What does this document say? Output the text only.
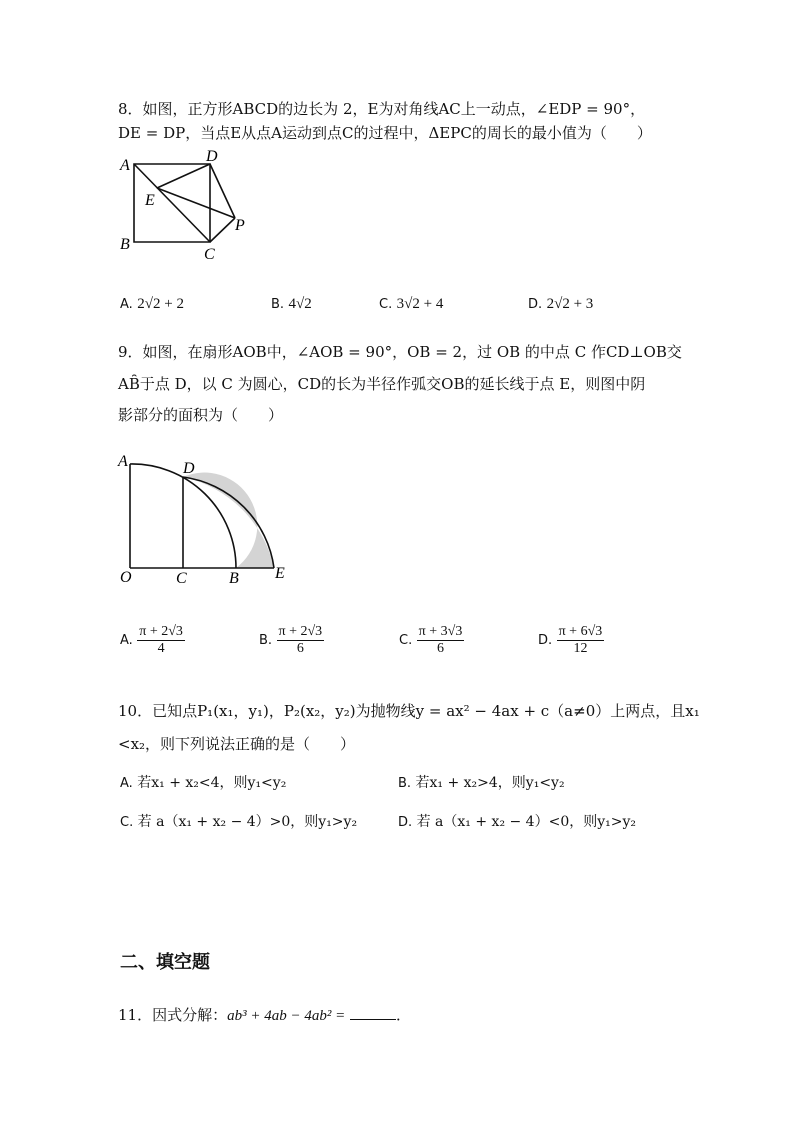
8．如图，正方形ABCD的边长为 2，E为对角线AC上一动点，∠EDP = 90°，
DE = DP，当点E从点A运动到点C的过程中，ΔEPC的周长的最小值为（　　）
A
D
E
P
B
C
A. 2√2 + 2	B. 4√2	C. 3√2 + 4	D. 2√2 + 3
9．如图，在扇形AOB中，∠AOB = 90°，OB = 2，过 OB 的中点 C 作CD⊥OB交
AB̑于点 D，以 C 为圆心，CD的长为半径作弧交OB的延长线于点 E，则图中阴
影部分的面积为（　　）
A	D
O	C	B E
A. $\frac{\pi + 2√3}{4}$	B. $\frac{\pi + 2√3}{6}$	C. $\frac{\pi + 3√3}{6}$	D. $\frac{\pi + 6√3}{12}$
10．已知点P₁(x₁，y₁)，P₂(x₂，y₂)为抛物线y = ax² − 4ax + c（a≠0）上两点，且x₁
<x₂，则下列说法正确的是（　　）
A. 若x₁ + x₂<4，则y₁<y₂	B. 若x₁ + x₂>4，则y₁<y₂
C. 若 a（x₁ + x₂ − 4）>0，则y₁>y₂	D. 若 a（x₁ + x₂ − 4）<0，则y₁>y₂
二、填空题
11．因式分解：ab³ + 4ab − 4ab² =	．
